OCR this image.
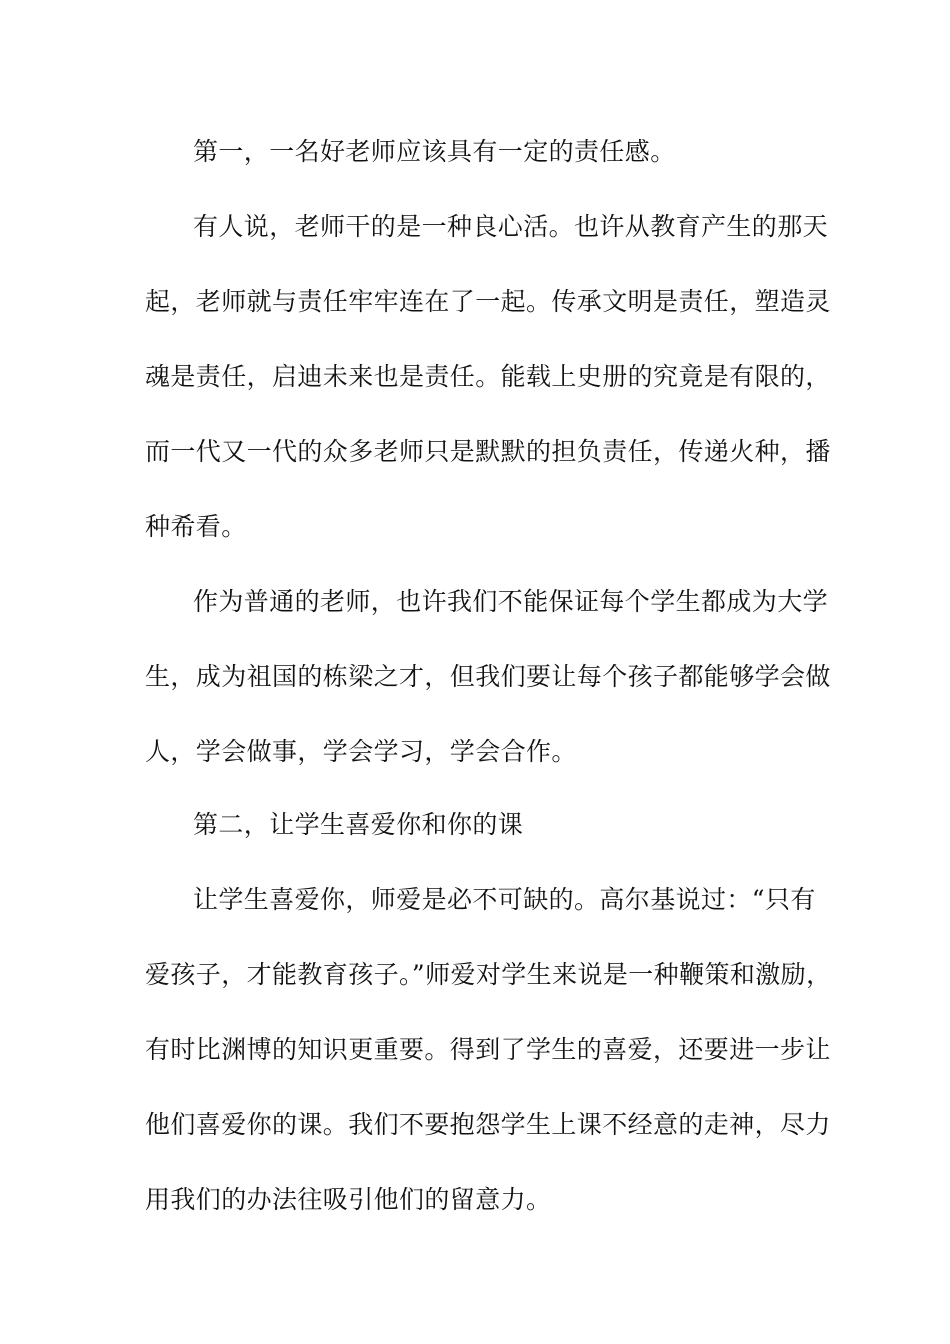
第一，一名好老师应该具有一定的责任感。
有人说，老师干的是一种良心活。也许从教育产生的那天
起，老师就与责任牢牢连在了一起。传承文明是责任，塑造灵
魂是责任，启迪未来也是责任。能载上史册的究竟是有限的，
而一代又一代的众多老师只是默默的担负责任，传递火种，播
种希看。
作为普通的老师，也许我们不能保证每个学生都成为大学
生，成为祖国的栋梁之才，但我们要让每个孩子都能够学会做
人，学会做事，学会学习，学会合作。
第二，让学生喜爱你和你的课
让学生喜爱你，师爱是必不可缺的。高尔基说过：“只有
爱孩子，才能教育孩子。”师爱对学生来说是一种鞭策和激励，
有时比渊博的知识更重要。得到了学生的喜爱，还要进一步让
他们喜爱你的课。我们不要抱怨学生上课不经意的走神，尽力
用我们的办法往吸引他们的留意力。
